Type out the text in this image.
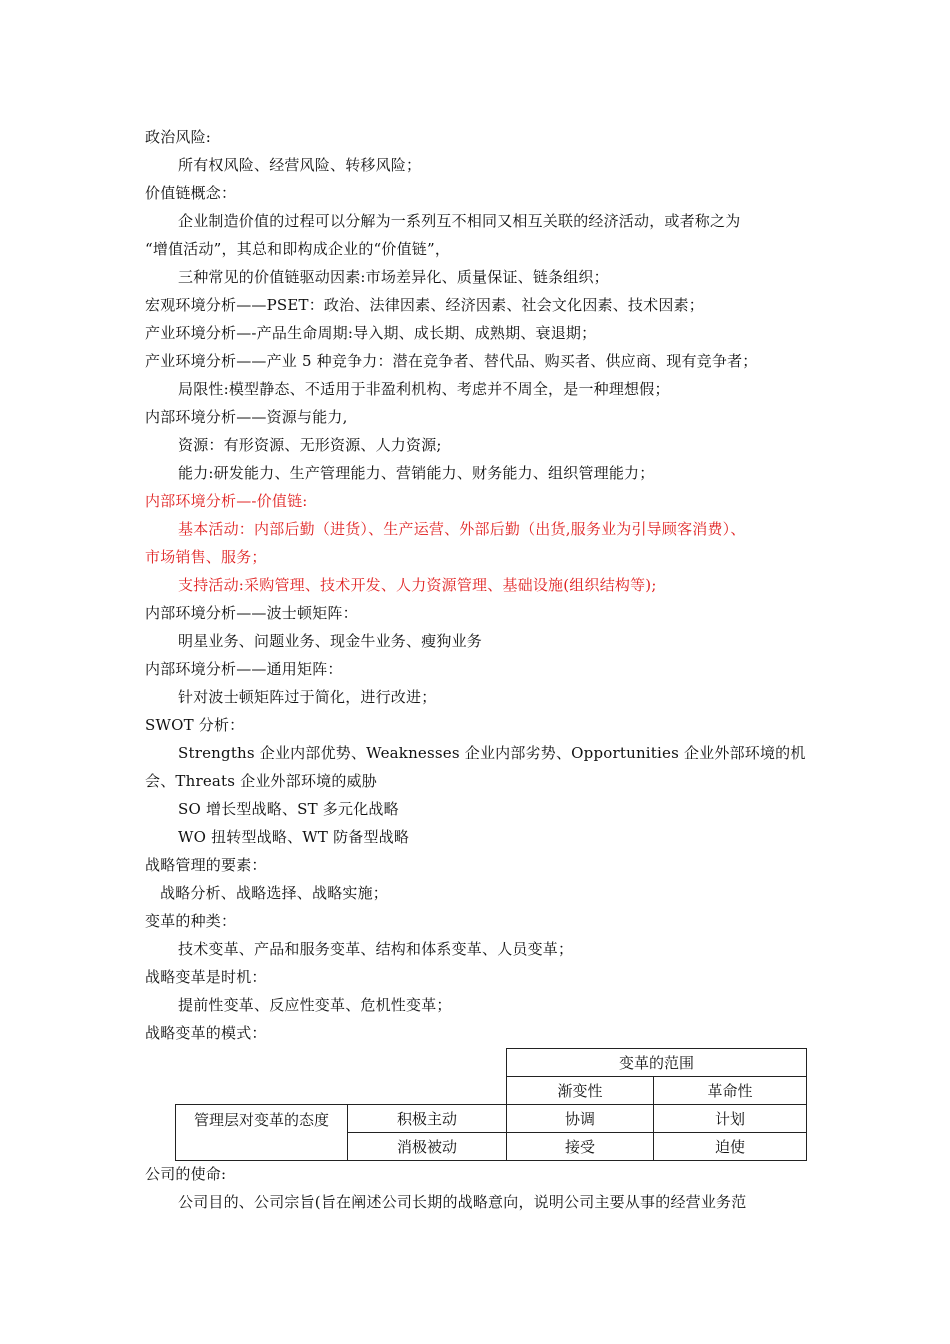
政治风险:
所有权风险、经营风险、转移风险；
价值链概念：
企业制造价值的过程可以分解为一系列互不相同又相互关联的经济活动，或者称之为
“增值活动”，其总和即构成企业的“价值链”，
三种常见的价值链驱动因素:市场差异化、质量保证、链条组织；
宏观环境分析——PSET：政治、法律因素、经济因素、社会文化因素、技术因素；
产业环境分析—-产品生命周期:导入期、成长期、成熟期、衰退期；
产业环境分析——产业 5 种竞争力：潜在竞争者、替代品、购买者、供应商、现有竞争者；
局限性:模型静态、不适用于非盈利机构、考虑并不周全，是一种理想假；
内部环境分析——资源与能力,
资源：有形资源、无形资源、人力资源;
能力:研发能力、生产管理能力、营销能力、财务能力、组织管理能力；
内部环境分析—-价值链:
基本活动：内部后勤（进货）、生产运营、外部后勤（出货,服务业为引导顾客消费）、
市场销售、服务；
支持活动:采购管理、技术开发、人力资源管理、基础设施(组织结构等);
内部环境分析——波士顿矩阵：
明星业务、问题业务、现金牛业务、瘦狗业务
内部环境分析——通用矩阵：
针对波士顿矩阵过于简化，进行改进；
SWOT 分析：
Strengths 企业内部优势、Weaknesses 企业内部劣势、Opportunities 企业外部环境的机
会、Threats 企业外部环境的威胁
SO 增长型战略、ST 多元化战略
WO 扭转型战略、WT 防备型战略
战略管理的要素：
战略分析、战略选择、战略实施；
变革的种类：
技术变革、产品和服务变革、结构和体系变革、人员变革；
战略变革是时机：
提前性变革、反应性变革、危机性变革；
战略变革的模式：
		变革的范围	
		渐变性	革命性
管理层对变革的态度	积极主动	协调	计划
	消极被动	接受	迫使
公司的使命:
公司目的、公司宗旨(旨在阐述公司长期的战略意向，说明公司主要从事的经营业务范
